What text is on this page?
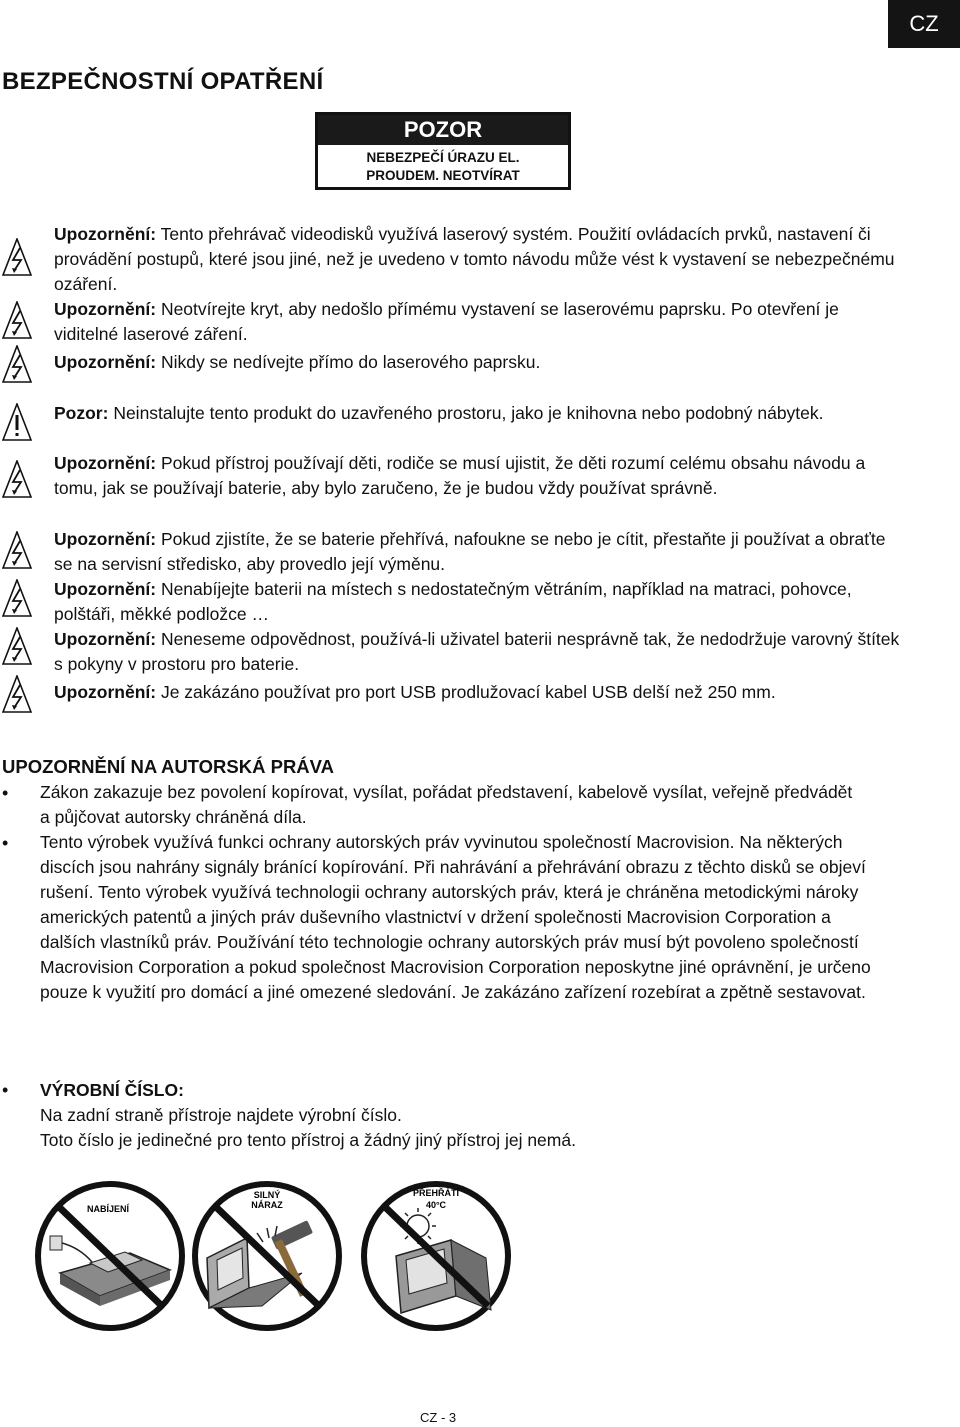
CZ
BEZPEČNOSTNÍ OPATŘENÍ
POZOR
NEBEZPEČÍ ÚRAZU EL.
PROUDEM. NEOTVÍRAT
Upozornění: Tento přehrávač videodisků využívá laserový systém. Použití ovládacích prvků, nastavení či provádění postupů, které jsou jiné, než je uvedeno v tomto návodu může vést k vystavení se nebezpečnému ozáření.
Upozornění: Neotvírejte kryt, aby nedošlo přímému vystavení se laserovému paprsku. Po otevření je viditelné laserové záření.
Upozornění: Nikdy se nedívejte přímo do laserového paprsku.
Pozor: Neinstalujte tento produkt do uzavřeného prostoru, jako je knihovna nebo podobný nábytek.
Upozornění: Pokud přístroj používají děti, rodiče se musí ujistit, že děti rozumí celému obsahu návodu a tomu, jak se používají baterie, aby bylo zaručeno, že je budou vždy používat správně.
Upozornění: Pokud zjistíte, že se baterie přehřívá, nafoukne se nebo je cítit, přestaňte ji používat a obraťte se na servisní středisko, aby provedlo její výměnu.
Upozornění: Nenabíjejte baterii na místech s nedostatečným větráním, například na matraci, pohovce, polštáři, měkké podložce …
Upozornění: Neneseme odpovědnost, používá-li uživatel baterii nesprávně tak, že nedodržuje varovný štítek s pokyny v prostoru pro baterie.
Upozornění: Je zakázáno používat pro port USB prodlužovací kabel USB delší než 250 mm.
UPOZORNĚNÍ NA AUTORSKÁ PRÁVA
• Zákon zakazuje bez povolení kopírovat, vysílat, pořádat představení, kabelově vysílat, veřejně předvádět a půjčovat autorsky chráněná díla.
• Tento výrobek využívá funkci ochrany autorských práv vyvinutou společností Macrovision. Na některých discích jsou nahrány signály bránící kopírování. Při nahrávání a přehrávání obrazu z těchto disků se objeví rušení. Tento výrobek využívá technologii ochrany autorských práv, která je chráněna metodickými nároky amerických patentů a jiných práv duševního vlastnictví v držení společnosti Macrovision Corporation a dalších vlastníků práv. Používání této technologie ochrany autorských práv musí být povoleno společností Macrovision Corporation a pokud společnost Macrovision Corporation neposkytne jiné oprávnění, je určeno pouze k využití pro domácí a jiné omezené sledování. Je zakázáno zařízení rozebírat a zpětně sestavovat.
• VÝROBNÍ ČÍSLO:
Na zadní straně přístroje najdete výrobní číslo.
Toto číslo je jedinečné pro tento přístroj a žádný jiný přístroj jej nemá.
NABÍJENÍ
SILNÝ
NÁRAZ
PŘEHŘÁTÍ
40°C
CZ - 3
